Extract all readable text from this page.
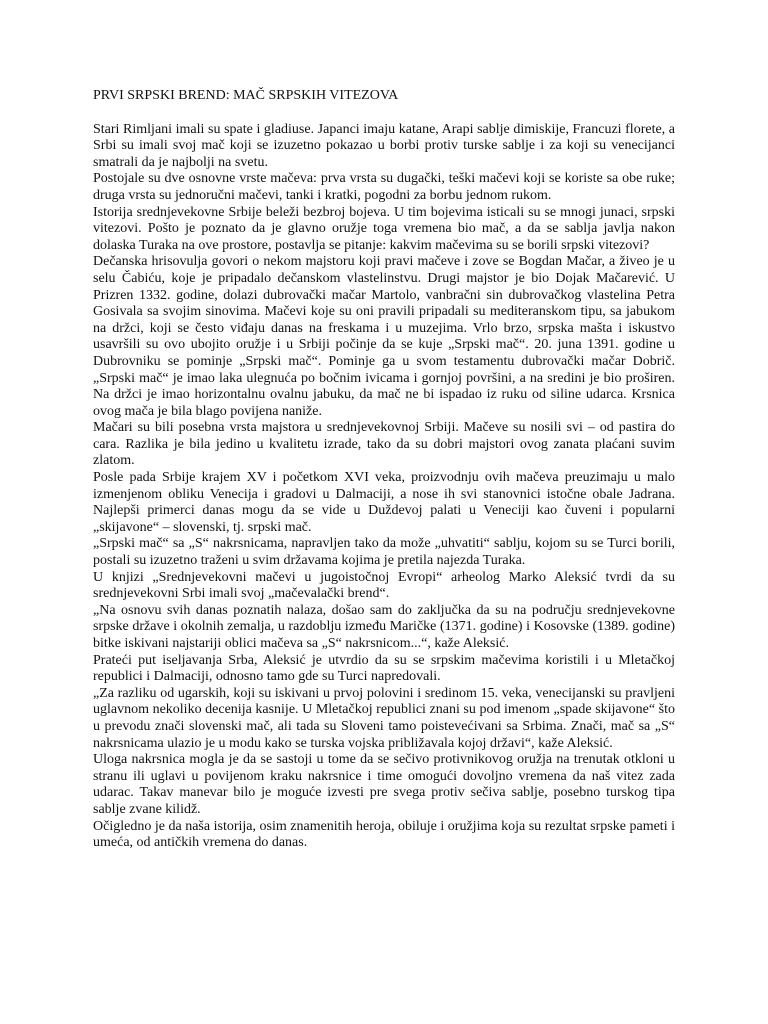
PRVI SRPSKI BREND: MAČ SRPSKIH VITEZOVA

Stari Rimljani imali su spate i gladiuse. Japanci imaju katane, Arapi sablje dimiskije, Francuzi florete, a Srbi su imali svoj mač koji se izuzetno pokazao u borbi protiv turske sablje i za koji su venecijanci smatrali da je najbolji na svetu.

Postojale su dve osnovne vrste mačeva: prva vrsta su dugački, teški mačevi koji se koriste sa obe ruke; druga vrsta su jednoručni mačevi, tanki i kratki, pogodni za borbu jednom rukom.

Istorija srednjevekovne Srbije beleži bezbroj bojeva. U tim bojevima isticali su se mnogi junaci, srpski vitezovi. Pošto je poznato da je glavno oružje toga vremena bio mač, a da se sablja javlja nakon dolaska Turaka na ove prostore, postavlja se pitanje: kakvim mačevima su se borili srpski vitezovi?

Dečanska hrisovulja govori o nekom majstoru koji pravi mačeve i zove se Bogdan Mačar, a živeo je u selu Čabiću, koje je pripadalo dečanskom vlastelinstvu. Drugi majstor je bio Dojak Mačarević. U Prizren 1332. godine, dolazi dubrovački mačar Martolo, vanbračni sin dubrovačkog vlastelina Petra Gosivala sa svojim sinovima. Mačevi koje su oni pravili pripadali su mediteranskom tipu, sa jabukom na držci, koji se često viđaju danas na freskama i u muzejima. Vrlo brzo, srpska mašta i iskustvo usavršili su ovo ubojito oružje i u Srbiji počinje da se kuje „Srpski mač“. 20. juna 1391. godine u Dubrovniku se pominje „Srpski mač“. Pominje ga u svom testamentu dubrovački mačar Dobrič. „Srpski mač“ je imao laka ulegnuća po bočnim ivicama i gornjoj površini, a na sredini je bio proširen. Na držci je imao horizontalnu ovalnu jabuku, da mač ne bi ispadao iz ruku od siline udarca. Krsnica ovog mača je bila blago povijena naniže.

Mačari su bili posebna vrsta majstora u srednjevekovnoj Srbiji. Mačeve su nosili svi – od pastira do cara. Razlika je bila jedino u kvalitetu izrade, tako da su dobri majstori ovog zanata plaćani suvim zlatom.

Posle pada Srbije krajem XV i početkom XVI veka, proizvodnju ovih mačeva preuzimaju u malo izmenjenom obliku Venecija i gradovi u Dalmaciji, a nose ih svi stanovnici istočne obale Jadrana. Najlepši primerci danas mogu da se vide u Duždevoj palati u Veneciji kao čuveni i popularni „skijavone“ – slovenski, tj. srpski mač.

„Srpski mač“ sa „S“ nakrsnicama, napravljen tako da može „uhvatiti“ sablju, kojom su se Turci borili, postali su izuzetno traženi u svim državama kojima je pretila najezda Turaka.

U knjizi „Srednjevekovni mačevi u jugoistočnoj Evropi“ arheolog Marko Aleksić tvrdi da su srednjevekovni Srbi imali svoj „mačevalački brend“.

„Na osnovu svih danas poznatih nalaza, došao sam do zaključka da su na području srednjevekovne srpske države i okolnih zemalja, u razdoblju između Maričke (1371. godine) i Kosovske (1389. godine) bitke iskivani najstariji oblici mačeva sa „S“ nakrsnicom...“, kaže Aleksić.

Prateći put iseljavanja Srba, Aleksić je utvrdio da su se srpskim mačevima koristili i u Mletačkoj republici i Dalmaciji, odnosno tamo gde su Turci napredovali.

„Za razliku od ugarskih, koji su iskivani u prvoj polovini i sredinom 15. veka, venecijanski su pravljeni uglavnom nekoliko decenija kasnije. U Mletačkoj republici znani su pod imenom „spade skijavone“ što u prevodu znači slovenski mač, ali tada su Sloveni tamo poistevećivani sa Srbima. Znači, mač sa „S“ nakrsnicama ulazio je u modu kako se turska vojska približavala kojoj državi“, kaže Aleksić.

Uloga nakrsnica mogla je da se sastoji u tome da se sečivo protivnikovog oružja na trenutak otkloni u stranu ili uglavi u povijenom kraku nakrsnice i time omogući dovoljno vremena da naš vitez zada udarac. Takav manevar bilo je moguće izvesti pre svega protiv sečiva sablje, posebno turskog tipa sablje zvane kilidž.

Očigledno je da naša istorija, osim znamenitih heroja, obiluje i oružjima koja su rezultat srpske pameti i umeća, od antičkih vremena do danas.
